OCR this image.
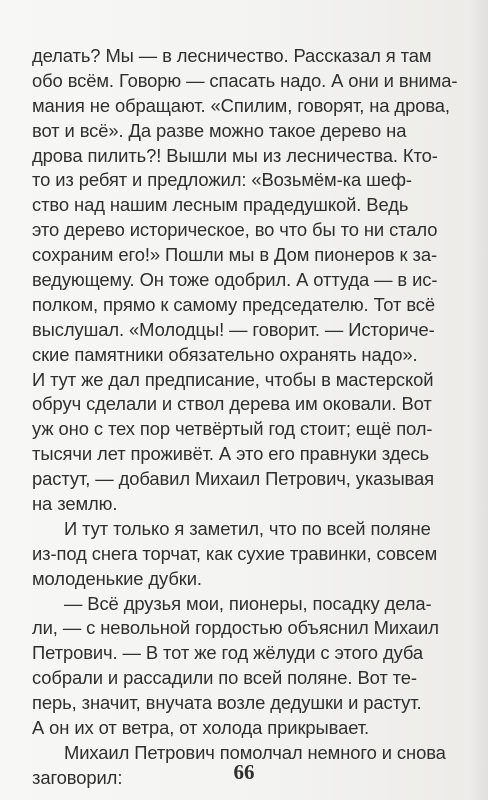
делать? Мы — в лесничество. Рассказал я там
обо всём. Говорю — спасать надо. А они и внима-
мания не обращают. «Спилим, говорят, на дрова,
вот и всё». Да разве можно такое дерево на
дрова пилить?! Вышли мы из лесничества. Кто-
то из ребят и предложил: «Возьмём-ка шеф-
ство над нашим лесным прадедушкой. Ведь
это дерево историческое, во что бы то ни стало
сохраним его!» Пошли мы в Дом пионеров к за-
ведующему. Он тоже одобрил. А оттуда — в ис-
полком, прямо к самому председателю. Тот всё
выслушал. «Молодцы! — говорит. — Историче-
ские памятники обязательно охранять надо».
И тут же дал предписание, чтобы в мастерской
обруч сделали и ствол дерева им оковали. Вот
уж оно с тех пор четвёртый год стоит; ещё пол-
тысячи лет проживёт. А это его правнуки здесь
растут, — добавил Михаил Петрович, указывая
на землю.
И тут только я заметил, что по всей поляне
из-под снега торчат, как сухие травинки, совсем
молоденькие дубки.
— Всё друзья мои, пионеры, посадку дела-
ли, — с невольной гордостью объяснил Михаил
Петрович. — В тот же год жёлуди с этого дуба
собрали и рассадили по всей поляне. Вот те-
перь, значит, внучата возле дедушки и растут.
А он их от ветра, от холода прикрывает.
Михаил Петрович помолчал немного и снова
заговорил:	66
